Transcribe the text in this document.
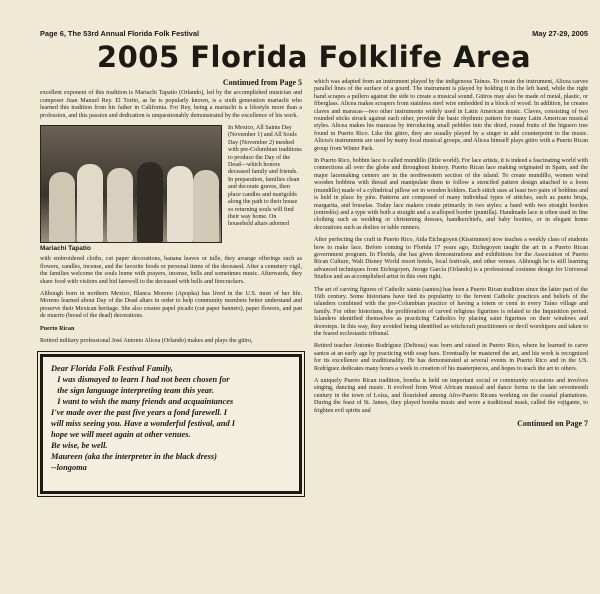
Page 6, The 53rd Annual Florida Folk Festival	May 27-29, 2005
2005 Florida Folklife Area
Continued from Page 5

excellent exponent of this tradition is Mariachi Tapatío (Orlando), led by the accomplished musician and composer Juan Manuel Rey. El Torito, as he is popularly known, is a sixth generation mariachi who learned this tradition from his father in California. For Rey, being a mariachi is a lifestyle more than a profession, and this passion and dedication is unquestionably demonstrated by the excellence of his work.

Mariachi Tapatío
In Mexico, All Saints Day (November 1) and All Souls Day (November 2) meshed with pre-Columbian traditions to produce the Day of the Dead—which honors deceased family and friends. In preparation, families clean and decorate graves, then place candles and marigolds along the path to their house so returning souls will find their way home. On household altars adorned

with embroidered cloths, cut paper decorations, banana leaves or tulle, they arrange offerings such as flowers, candles, incense, and the favorite foods or personal items of the deceased. After a cemetery vigil, the families welcome the souls home with prayers, incense, bells and sometimes music. Afterwards, they share food with visitors and bid farewell to the deceased with bells and firecrackers.

Although born in northern Mexico, Blanca Moreno (Apopka) has lived in the U.S. most of her life. Moreno learned about Day of the Dead altars in order to help community members better understand and preserve their Mexican heritage. She also creates papel picado (cut paper banners), paper flowers, and pan de muerto (bread of the dead) decorations.

Puerto Rican

Retired military professional José Antonio Alicea (Orlando) makes and plays the güiro,

Dear Florida Folk Festival Family,
I was dismayed to learn I had not been chosen for
the sign language interpreting team this year.
I want to wish the many friends and acquaintances
I've made over the past five years a fond farewell. I
will miss seeing you. Have a wonderful festival, and I
hope we will meet again at other venues.
Be wise, be well.
Maureen (aka the interpreter in the black dress)
--longoma

which was adapted from an instrument played by the indigenous Taínos. To create the instrument, Alicea carves parallel lines of the surface of a gourd. The instrument is played by holding it in the left hand, while the right hand scrapes a pullero against the side to create a musical sound. Güiros may also be made of metal, plastic, or fiberglass. Alicea makes scrapers from stainless steel wire embedded in a block of wood. In addition, he creates claves and maracas—two other instruments widely used in Latin American music. Claves, consisting of two rounded sticks struck against each other, provide the basic rhythmic pattern for many Latin American musical styles. Alicea makes his maracas by introducing small pebbles into the dried, round fruits of the higuero tree found in Puerto Rico. Like the güiro, they are usually played by a singer to add counterpoint to the music. Alicea's instruments are used by many local musical groups, and Alicea himself plays güiro with a Puerto Rican group from Winter Park.

In Puerto Rico, bobbin lace is called mundillo (little world). For lace artists, it is indeed a fascinating world with connections all over the globe and throughout history. Puerto Rican lace making originated in Spain, and the major lacemaking centers are in the northwestern section of the island. To create mundillo, women wind wooden bobbins with thread and manipulate them to follow a stenciled pattern design attached to a loom (mundillo) made of a cylindrical pillow set in wooden holders. Each stitch uses at least two pairs of bobbins and is held in place by pins. Patterns are composed of many individual types of stitches, such as punto bruja, margarita, and bruselas. Today lace makers create primarily in two styles: a band with two straight borders (entredós) and a type with both a straight and a scalloped border (puntilla). Handmade lace is often used in fine clothing such as wedding or christening dresses, handkerchiefs, and baby booties, or in elegant home decorations such as doilies or table runners.

After perfecting the craft in Puerto Rico, Aida Etchegoyen (Kissimmee) now teaches a weekly class of students how to make lace. Before coming to Florida 17 years ago, Etchegoyen taught the art in a Puerto Rican government program. In Florida, she has given demonstrations and exhibitions for the Association of Puerto Rican Culture, Walt Disney World resort hotels, local festivals, and other venues. Although he is still learning advanced techniques from Etchegoyen, Jeorge García (Orlando) is a professional costume design for Universal Studios and an accomplished artist in this own right.

The art of carving figures of Catholic saints (santos) has been a Puerto Rican tradition since the latter part of the 16th century. Some historians have tied its popularity to the fervent Catholic practices and beliefs of the islanders combined with the pre-Columbian practice of having a totem or cemí in every Taíno village and family. For other historians, the proliferation of carved religious figurines is related to the Inquisition period. Islanders identified themselves as practicing Catholics by placing saint figurines on their windows and doorsteps. In this way, they avoided being identified as witchcraft practitioners or devil worshipers and taken to the feared ecclesiastic tribunal.

Retired teacher Antonio Rodríguez (Deltona) was born and raised in Puerto Rico, where he learned to carve santos at an early age by practicing with soap bars. Eventually he mastered the art, and his work is recognized for its excellence and traditionality. He has demonstrated at several events in Puerto Rico and in the US. Rodríguez dedicates many hours a week to creation of his masterpieces, and hopes to teach the art to others.

A uniquely Puerto Rican tradition, bomba is held on important social or community occasions and involves singing, dancing and music. It evolved from West African musical and dance forms in the late seventeenth century in the town of Loíza, and flourished among Afro-Puerto Ricans working on the coastal plantations. During the feast of St. James, they played bomba music and wore a traditional mask, called the vejigante, to frighten evil spirits and

Continued on Page 7
